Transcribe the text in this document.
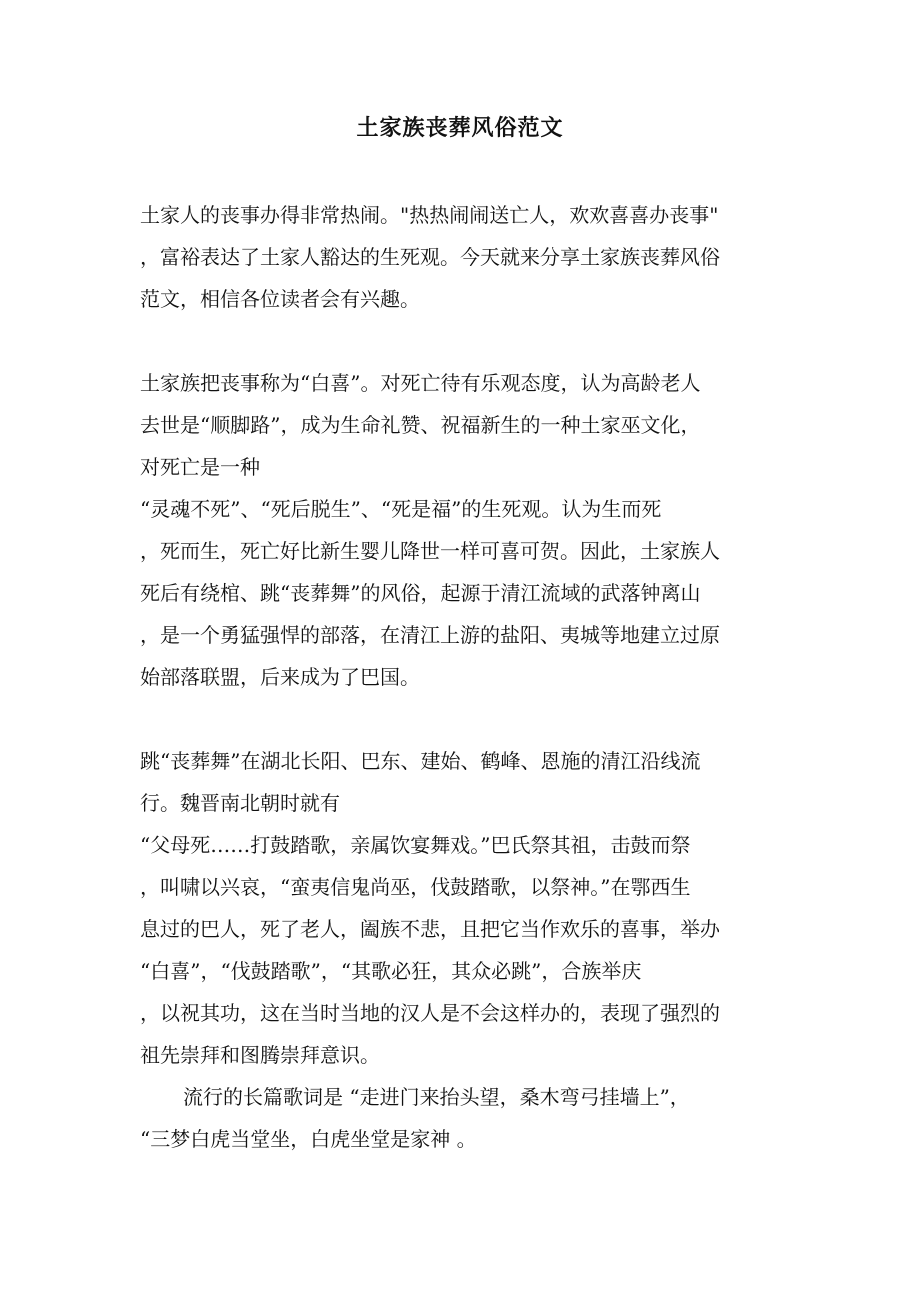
土家族丧葬风俗范文
土家人的丧事办得非常热闹。"热热闹闹送亡人，欢欢喜喜办丧事"
，富裕表达了土家人豁达的生死观。今天就来分享土家族丧葬风俗
范文，相信各位读者会有兴趣。
土家族把丧事称为“白喜”。对死亡待有乐观态度，认为高龄老人
去世是“顺脚路”，成为生命礼赞、祝福新生的一种土家巫文化，
对死亡是一种
“灵魂不死”、“死后脱生”、“死是福”的生死观。认为生而死
，死而生，死亡好比新生婴儿降世一样可喜可贺。因此，土家族人
死后有绕棺、跳“丧葬舞”的风俗，起源于清江流域的武落钟离山
，是一个勇猛强悍的部落，在清江上游的盐阳、夷城等地建立过原
始部落联盟，后来成为了巴国。
跳“丧葬舞”在湖北长阳、巴东、建始、鹤峰、恩施的清江沿线流
行。魏晋南北朝时就有
“父母死……打鼓踏歌，亲属饮宴舞戏。”巴氏祭其祖，击鼓而祭
，叫啸以兴哀，“蛮夷信鬼尚巫，伐鼓踏歌，以祭神。”在鄂西生
息过的巴人，死了老人，阖族不悲，且把它当作欢乐的喜事，举办
“白喜”，“伐鼓踏歌”，“其歌必狂，其众必跳”，合族举庆
，以祝其功，这在当时当地的汉人是不会这样办的，表现了强烈的
祖先崇拜和图腾崇拜意识。
流行的长篇歌词是 “走进门来抬头望，桑木弯弓挂墙上”，
“三梦白虎当堂坐，白虎坐堂是家神 。
